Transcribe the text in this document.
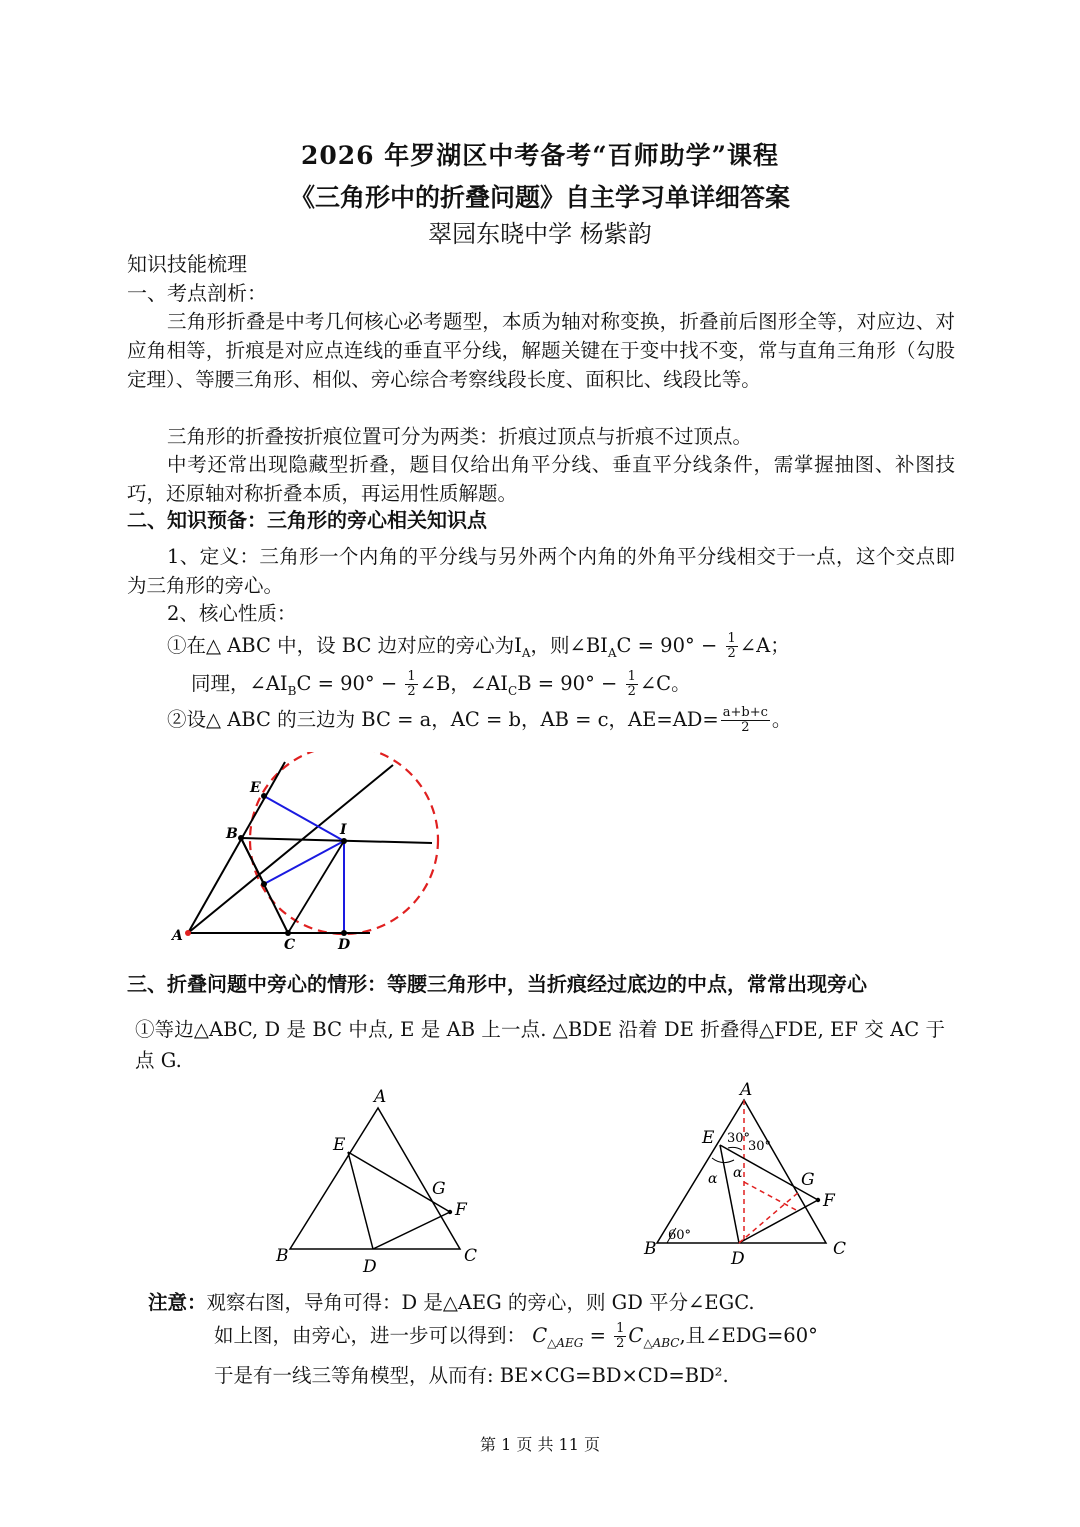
2026 年罗湖区中考备考“百师助学”课程
《三角形中的折叠问题》自主学习单详细答案
翠园东晓中学 杨紫韵
知识技能梳理
一、考点剖析：
三角形折叠是中考几何核心必考题型，本质为轴对称变换，折叠前后图形全等，对应边、对应角相等，折痕是对应点连线的垂直平分线，解题关键在于变中找不变，常与直角三角形（勾股定理）、等腰三角形、相似、旁心综合考察线段长度、面积比、线段比等。
三角形的折叠按折痕位置可分为两类：折痕过顶点与折痕不过顶点。
中考还常出现隐藏型折叠，题目仅给出角平分线、垂直平分线条件，需掌握抽图、补图技巧，还原轴对称折叠本质，再运用性质解题。
二、知识预备：三角形的旁心相关知识点
1、定义：三角形一个内角的平分线与另外两个内角的外角平分线相交于一点，这个交点即为三角形的旁心。
2、核心性质：
①在△ ABC 中，设 BC 边对应的旁心为$I_A$，则$\angle BI_AC = 90^\circ - \frac{1}{2}$ ∠A；
同理，$\angle AI_BC = 90^\circ - \frac{1}{2}$ ∠B，$\angle AI_CB = 90^\circ - \frac{1}{2}$ ∠C。
②设△ ABC 的三边为 BC = a，AC = b，AB = c，$AE=AD= \frac{a+b+c}{2}$ 。
E
B	I
A
C	D
三、折叠问题中旁心的情形：等腰三角形中，当折痕经过底边的中点，常常出现旁心
①等边△ABC, D 是 BC 中点, E 是 AB 上一点. △BDE 沿着 DE 折叠得△FDE, EF 交 AC 于点 G.
A
E
G
F
B
D
C
A
E 30°
30°
α α	G
F
60°
B	D	C
注意：观察右图，导角可得：D 是△AEG 的旁心，则 GD 平分∠EGC.
如上图，由旁心，进一步可以得到： $C_{\triangle AEG} = \frac{1}{2} C_{\triangle ABC}$,且∠EDG=60°
于是有一线三等角模型，从而有: BE×CG=BD×CD=BD².
第 1 页 共 11 页
